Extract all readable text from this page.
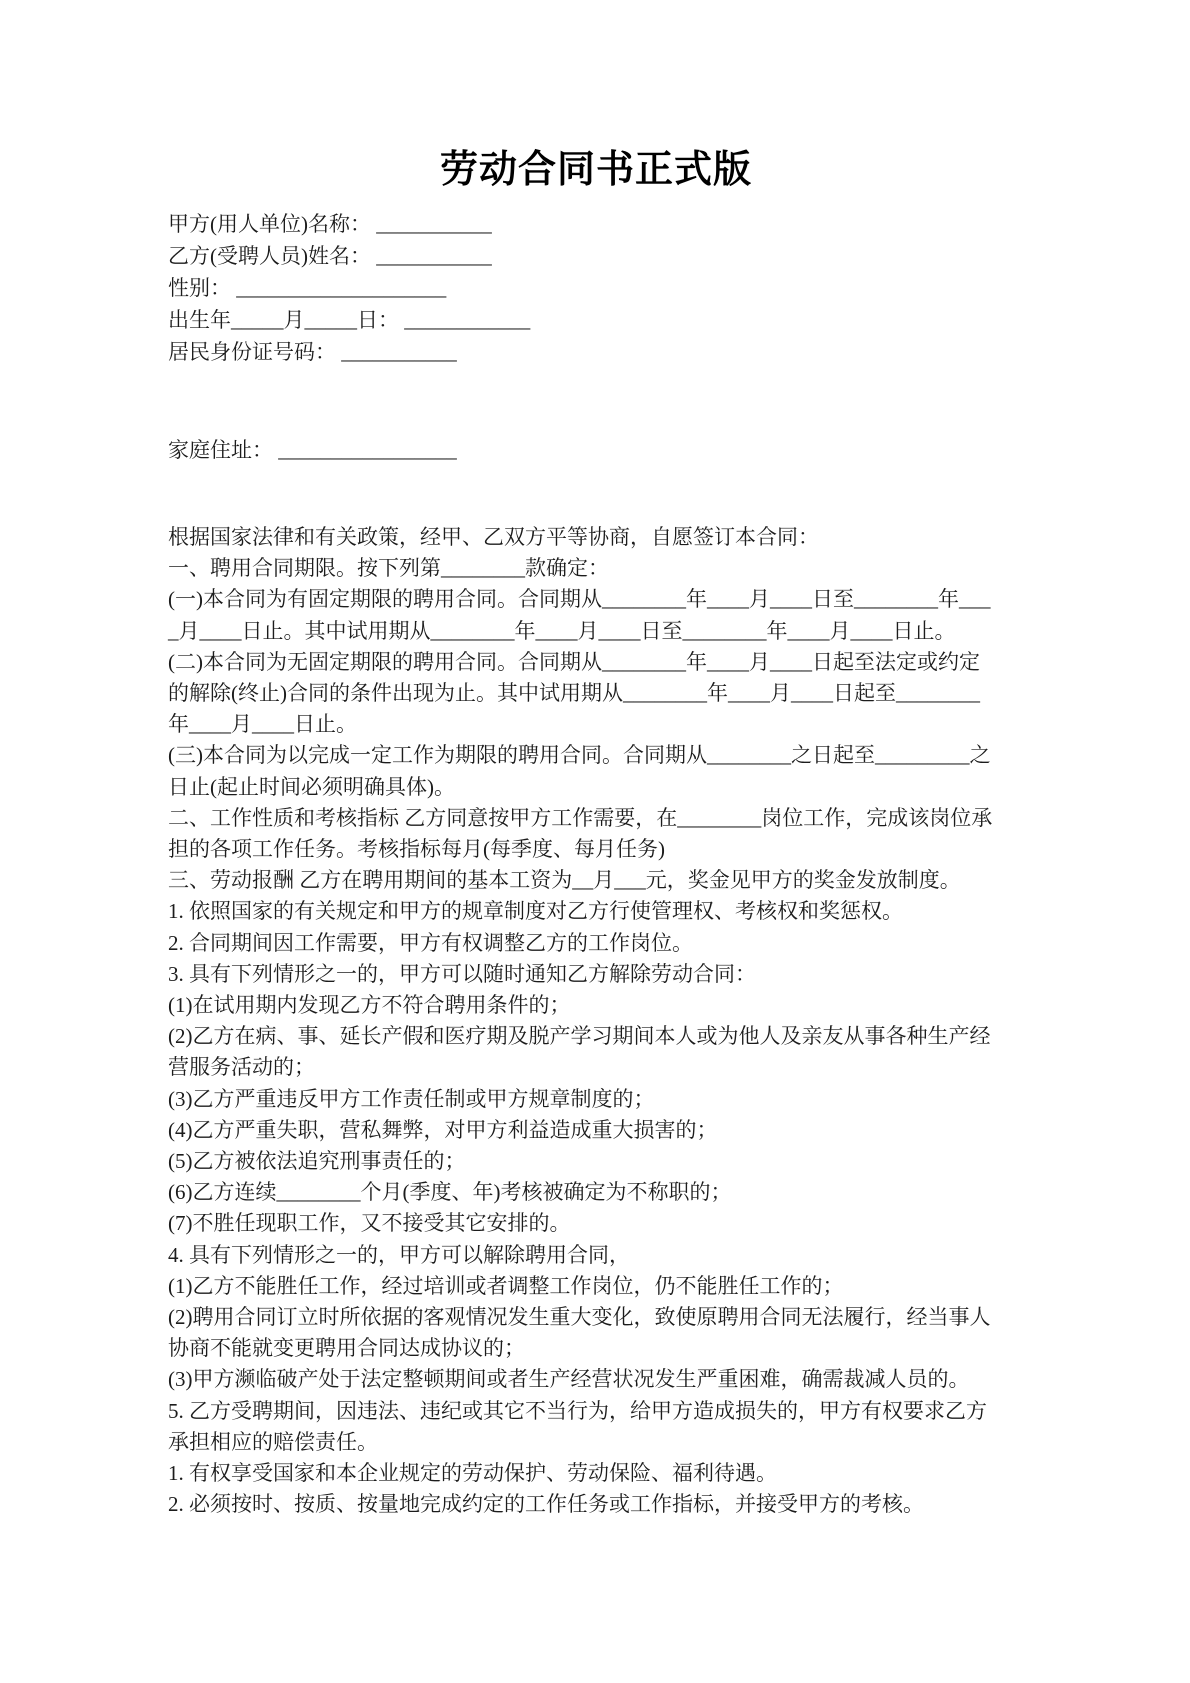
劳动合同书正式版
甲方(用人单位)名称： ___________
乙方(受聘人员)姓名： ___________
性别： ____________________
出生年_____月_____日： ____________
居民身份证号码： ___________
家庭住址： _________________
根据国家法律和有关政策，经甲、乙双方平等协商，自愿签订本合同：
一、聘用合同期限。按下列第________款确定：
(一)本合同为有固定期限的聘用合同。合同期从________年____月____日至________年___
_月____日止。其中试用期从________年____月____日至________年____月____日止。
(二)本合同为无固定期限的聘用合同。合同期从________年____月____日起至法定或约定
的解除(终止)合同的条件出现为止。其中试用期从________年____月____日起至________
年____月____日止。
(三)本合同为以完成一定工作为期限的聘用合同。合同期从________之日起至_________之
日止(起止时间必须明确具体)。
二、工作性质和考核指标 乙方同意按甲方工作需要，在________岗位工作，完成该岗位承
担的各项工作任务。考核指标每月(每季度、每月任务)
三、劳动报酬 乙方在聘用期间的基本工资为__月___元，奖金见甲方的奖金发放制度。
1. 依照国家的有关规定和甲方的规章制度对乙方行使管理权、考核权和奖惩权。
2. 合同期间因工作需要，甲方有权调整乙方的工作岗位。
3. 具有下列情形之一的，甲方可以随时通知乙方解除劳动合同：
(1)在试用期内发现乙方不符合聘用条件的；
(2)乙方在病、事、延长产假和医疗期及脱产学习期间本人或为他人及亲友从事各种生产经
营服务活动的；
(3)乙方严重违反甲方工作责任制或甲方规章制度的；
(4)乙方严重失职，营私舞弊，对甲方利益造成重大损害的；
(5)乙方被依法追究刑事责任的；
(6)乙方连续________个月(季度、年)考核被确定为不称职的；
(7)不胜任现职工作，又不接受其它安排的。
4. 具有下列情形之一的，甲方可以解除聘用合同，
(1)乙方不能胜任工作，经过培训或者调整工作岗位，仍不能胜任工作的；
(2)聘用合同订立时所依据的客观情况发生重大变化，致使原聘用合同无法履行，经当事人
协商不能就变更聘用合同达成协议的；
(3)甲方濒临破产处于法定整顿期间或者生产经营状况发生严重困难，确需裁减人员的。
5. 乙方受聘期间，因违法、违纪或其它不当行为，给甲方造成损失的，甲方有权要求乙方
承担相应的赔偿责任。
1. 有权享受国家和本企业规定的劳动保护、劳动保险、福利待遇。
2. 必须按时、按质、按量地完成约定的工作任务或工作指标，并接受甲方的考核。
